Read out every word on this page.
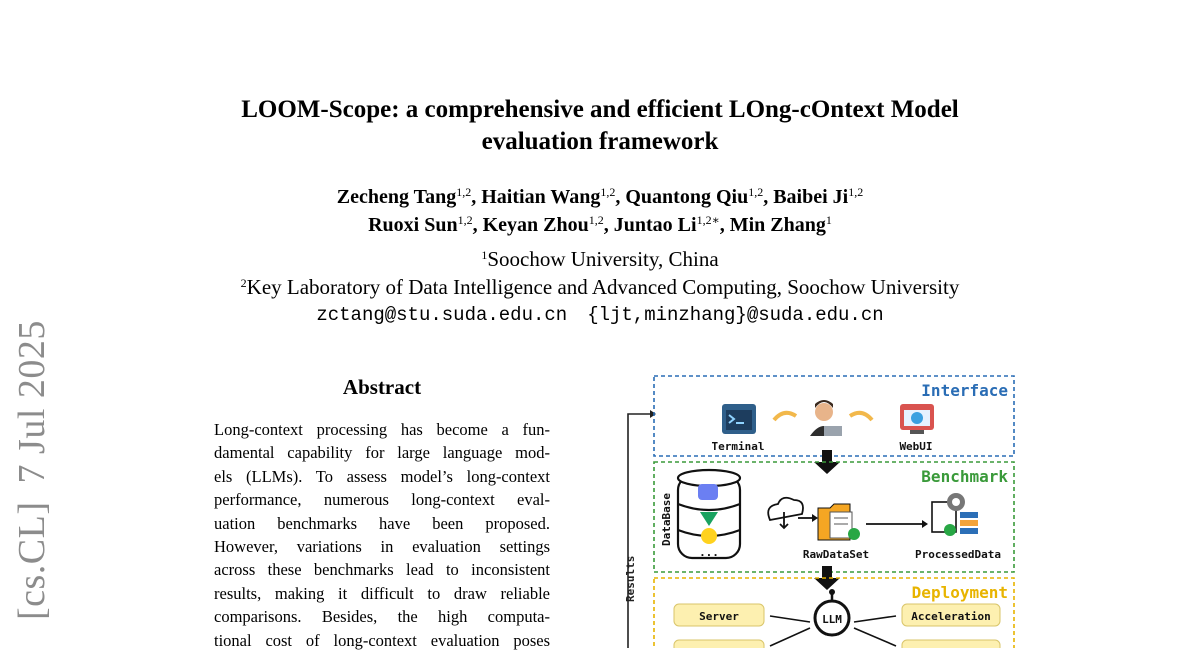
[cs.CL]7 Jul 2025
LOOM-Scope: a comprehensive and efficient LOng-cOntext Model
evaluation framework
Zecheng Tang$^{1,2}$, Haitian Wang$^{1,2}$, Quantong Qiu$^{1,2}$, Baibei Ji$^{1,2}$
Ruoxi Sun$^{1,2}$, Keyan Zhou$^{1,2}$, Juntao $Li^{1,2∗}$, Min Zhang$^1$
$^1$Soochow University, China
$^2$Key Laboratory of Data Intelligence and Advanced Computing, Soochow University
zctang@stu.suda.edu.cn {ljt,minzhang}@suda.edu.cn
Abstract
Long-context processing has become a fun-
damental capability for large language mod-
els (LLMs). To assess model’s long-context
performance, numerous long-context eval-
uation benchmarks have been proposed.
However, variations in evaluation settings
across these benchmarks lead to inconsistent
results, making it difficult to draw reliable
comparisons. Besides, the high computa-
tional cost of long-context evaluation poses
Results
Interface
Terminal	WebUI
Benchmark
DataBase
...	RawDataSet	ProcessedData
Deployment
Server	Acceleration
LLM
